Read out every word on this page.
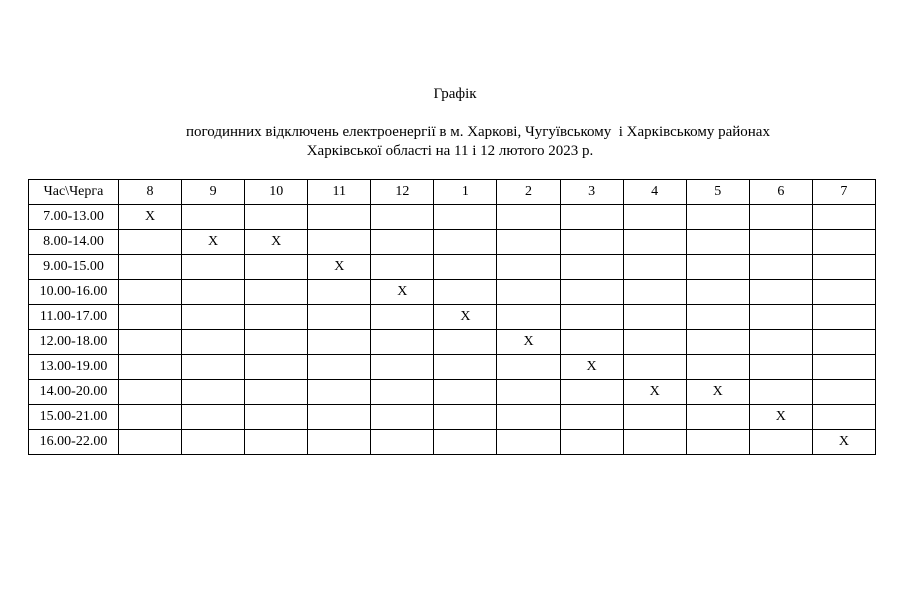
Графік
погодинних відключень електроенергії в м. Харкові, Чугуївському  і Харківському районах
Харківської області на 11 і 12 лютого 2023 р.
Час\Черга	8	9	10	11	12	1	2	3	4	5	6	7
7.00-13.00	X											
8.00-14.00		X	X									
9.00-15.00				X								
10.00-16.00					X							
11.00-17.00						X						
12.00-18.00							X					
13.00-19.00								X				
14.00-20.00									X	X		
15.00-21.00											X	
16.00-22.00												X
